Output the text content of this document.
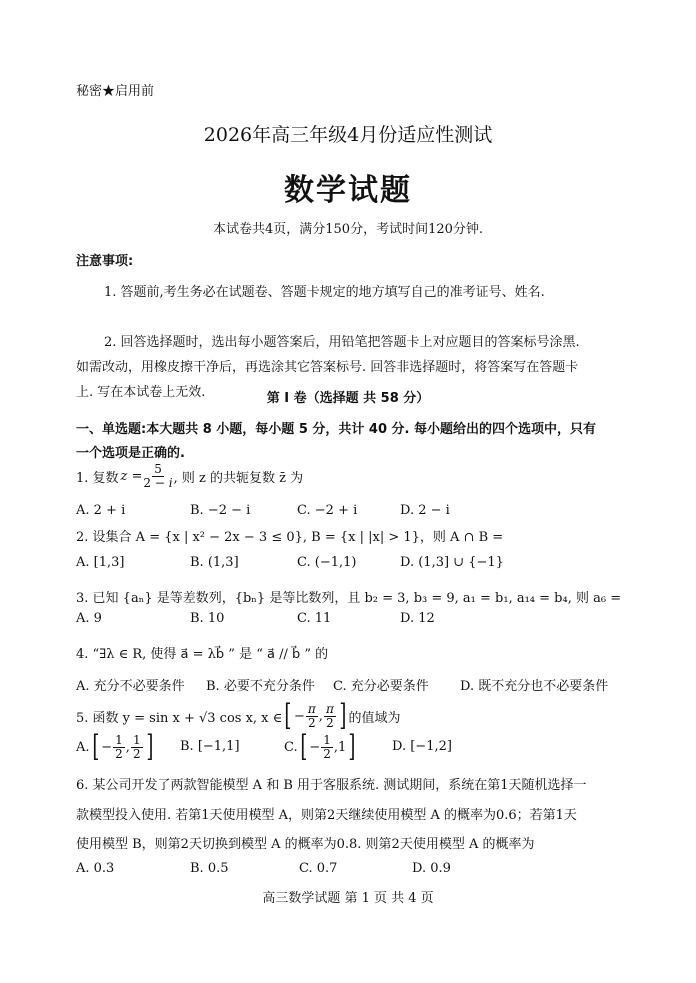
秘密★启用前
2026年高三年级4月份适应性测试
数学试题
本试卷共4页，满分150分，考试时间120分钟.
注意事项:
1. 答题前,考生务必在试题卷、答题卡规定的地方填写自己的准考证号、姓名.
2. 回答选择题时，选出每小题答案后，用铅笔把答题卡上对应题目的答案标号涂黑.
如需改动，用橡皮擦干净后，再选涂其它答案标号. 回答非选择题时，将答案写在答题卡
上. 写在本试卷上无效.	第 Ⅰ 卷（选择题 共 58 分）
一、单选题:本大题共 8 小题，每小题 5 分，共计 40 分. 每小题给出的四个选项中，只有
一个选项是正确的.
1. 复数 $z = \frac{5}{2 - i}$ , 则 z 的共轭复数 z̄ 为
A. 2 + i	B. −2 − i	C. −2 + i	D. 2 − i
2. 设集合 A = {x | x² − 2x − 3 ≤ 0}, B = {x | |x| > 1}，则 A ∩ B =
A. [1,3]	B. (1,3]	C. (−1,1)	D. (1,3] ∪ {−1}
3. 已知 {aₙ} 是等差数列，{bₙ} 是等比数列，且 b₂ = 3, b₃ = 9, a₁ = b₁, a₁₄ = b₄, 则 a₆ =
A. 9	B. 10	C. 11	D. 12
4. “∃λ ∈ R, 使得 a⃗ = λb⃗ ” 是 “ a⃗ // b⃗ ” 的
A. 充分不必要条件 B. 必要不充分条件 C. 充分必要条件 D. 既不充分也不必要条件
5. 函数 y = sin x + √3 cos x, x ∈ [ − $\frac{\pi}{2}$ , $\frac{\pi}{2}$ ] 的值域为
A. [ − $\frac{1}{2}$ , $\frac{1}{2}$ ] B. [−1,1]	C. [ − $\frac{1}{2} ,1$ ]	D. [−1,2]
6. 某公司开发了两款智能模型 A 和 B 用于客服系统. 测试期间，系统在第1天随机选择一
款模型投入使用. 若第1天使用模型 A，则第2天继续使用模型 A 的概率为0.6；若第1天
使用模型 B，则第2天切换到模型 A 的概率为0.8. 则第2天使用模型 A 的概率为
A. 0.3	B. 0.5	C. 0.7	D. 0.9
高三数学试题 第 1 页 共 4 页
